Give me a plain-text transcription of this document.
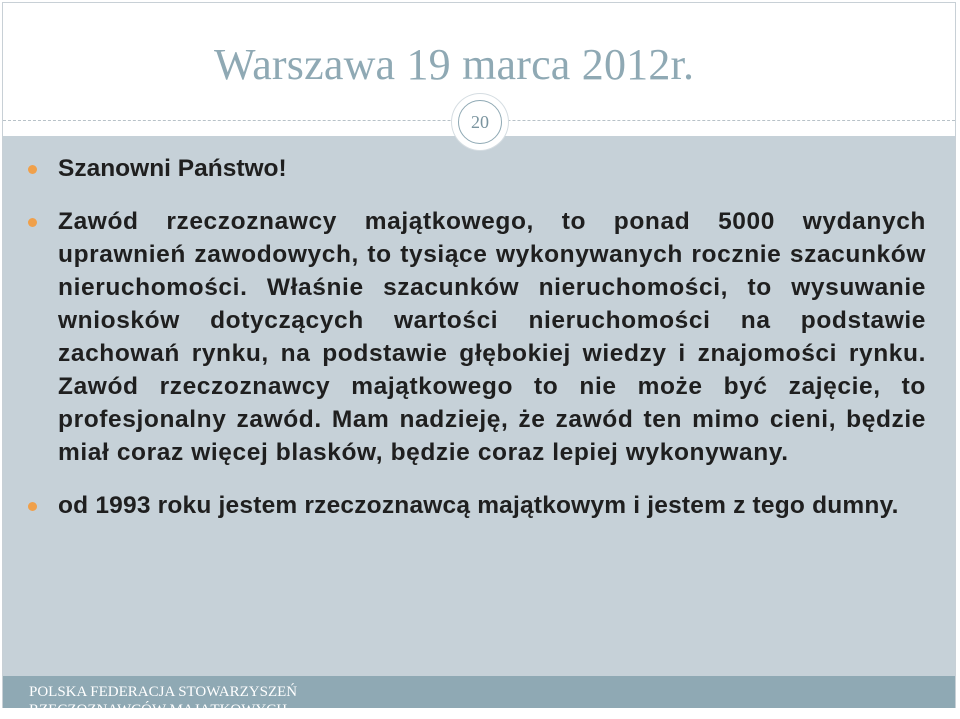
Warszawa 19 marca 2012r.
20
Szanowni Państwo!
Zawód rzeczoznawcy majątkowego, to ponad 5000 wydanych uprawnień zawodowych, to tysiące wykonywanych rocznie szacunków nieruchomości. Właśnie szacunków nieruchomości, to wysuwanie wniosków dotyczących wartości nieruchomości na podstawie zachowań rynku, na podstawie głębokiej wiedzy i znajomości rynku. Zawód rzeczoznawcy majątkowego to nie może być zajęcie, to profesjonalny zawód. Mam nadzieję, że zawód ten mimo cieni, będzie miał coraz więcej blasków, będzie coraz lepiej wykonywany.
od 1993 roku jestem rzeczoznawcą majątkowym i jestem z tego dumny.
POLSKA FEDERACJA STOWARZYSZEŃ RZECZOZNAWCÓW MAJĄTKOWYCH
